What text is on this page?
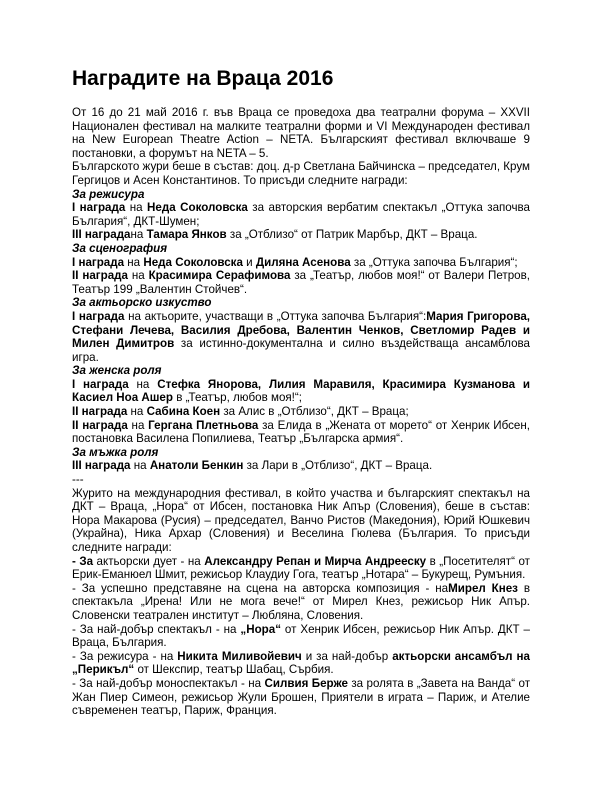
Наградите на Враца 2016

От 16 до 21 май 2016 г. във Враца се проведоха два театрални форума – XXVII Национален фестивал на малките театрални форми и VI Международен фестивал на New European Theatre Action – NETA. Българският фестивал включваше 9 постановки, а форумът на NETA – 5.

Българското жури беше в състав: доц. д-р Светлана Байчинска – председател, Крум Гергицов и Асен Константинов. То присъди следните награди:

За режисура

I награда на Неда Соколовска за авторския вербатим спектакъл „Оттука започва България“, ДКТ-Шумен;

III наградaна Тамара Янков за „Отблизо“ от Патрик Марбър, ДКТ – Враца.

За сценография

I награда на Неда Соколовска и Диляна Асенова за „Оттука започва България“;

II награда на Красимира Серафимова за „Театър, любов моя!“ от Валери Петров, Театър 199 „Валентин Стойчев“.

За актьорско изкуство

I награда на актьорите, участващи в „Оттука започва България“:Мария Григорова, Стефани Лечева, Василия Дребова, Валентин Ченков, Светломир Радев и Милен Димитров за истинно-документална и силно въздействаща ансамблова игра.

За женска роля

I награда на Стефка Янорова, Лилия Маравиля, Красимира Кузманова и Касиел Ноа Ашер в „Театър, любов моя!“;

II награда на Сабина Коен за Алис в „Отблизо“, ДКТ – Враца;

II награда на Гергана Плетньова за Елида в „Жената от морето“ от Хенрик Ибсен, постановка Василена Попилиева, Театър „Българска армия“.

За мъжка роля

III награда на Анатоли Бенкин за Лари в „Отблизо“, ДКТ – Враца.

---

Журито на международния фестивал, в който участва и българският спектакъл на ДКТ – Враца, „Нора“ от Ибсен, постановка Ник Апър (Словения), беше в състав: Нора Макарова (Русия) – председател, Ванчо Ристов (Македония), Юрий Юшкевич (Украйна), Ника Архар (Словения) и Веселина Гюлева (България. То присъди следните награди:

- За актьорски дует - на Александру Репан и Мирча Андрееску в „Посетителят“ от Ерик-Еманюел Шмит, режисьор Клаудиу Гога, театър „Нотара“ – Букурещ, Румъния.

- За успешно представяне на сцена на авторска композиция - наМирел Кнез в спектакъла „Ирена! Или не мога вече!“ от Мирел Кнез, режисьор Ник Апър. Словенски театрален институт – Любляна, Словения.

- За най-добър спектакъл - на „Нора“ от Хенрик Ибсен, режисьор Ник Апър. ДКТ – Враца, България.

- За режисура - на Никита Миливойевич и за най-добър актьорски ансамбъл на „Перикъл“ от Шекспир, театър Шабац, Сърбия.

- За най-добър моноспектакъл - на Силвия Берже за ролята в „Завета на Ванда“ от Жан Пиер Симеон, режисьор Жули Брошен, Приятели в играта – Париж, и Ателие съвременен театър, Париж, Франция.
